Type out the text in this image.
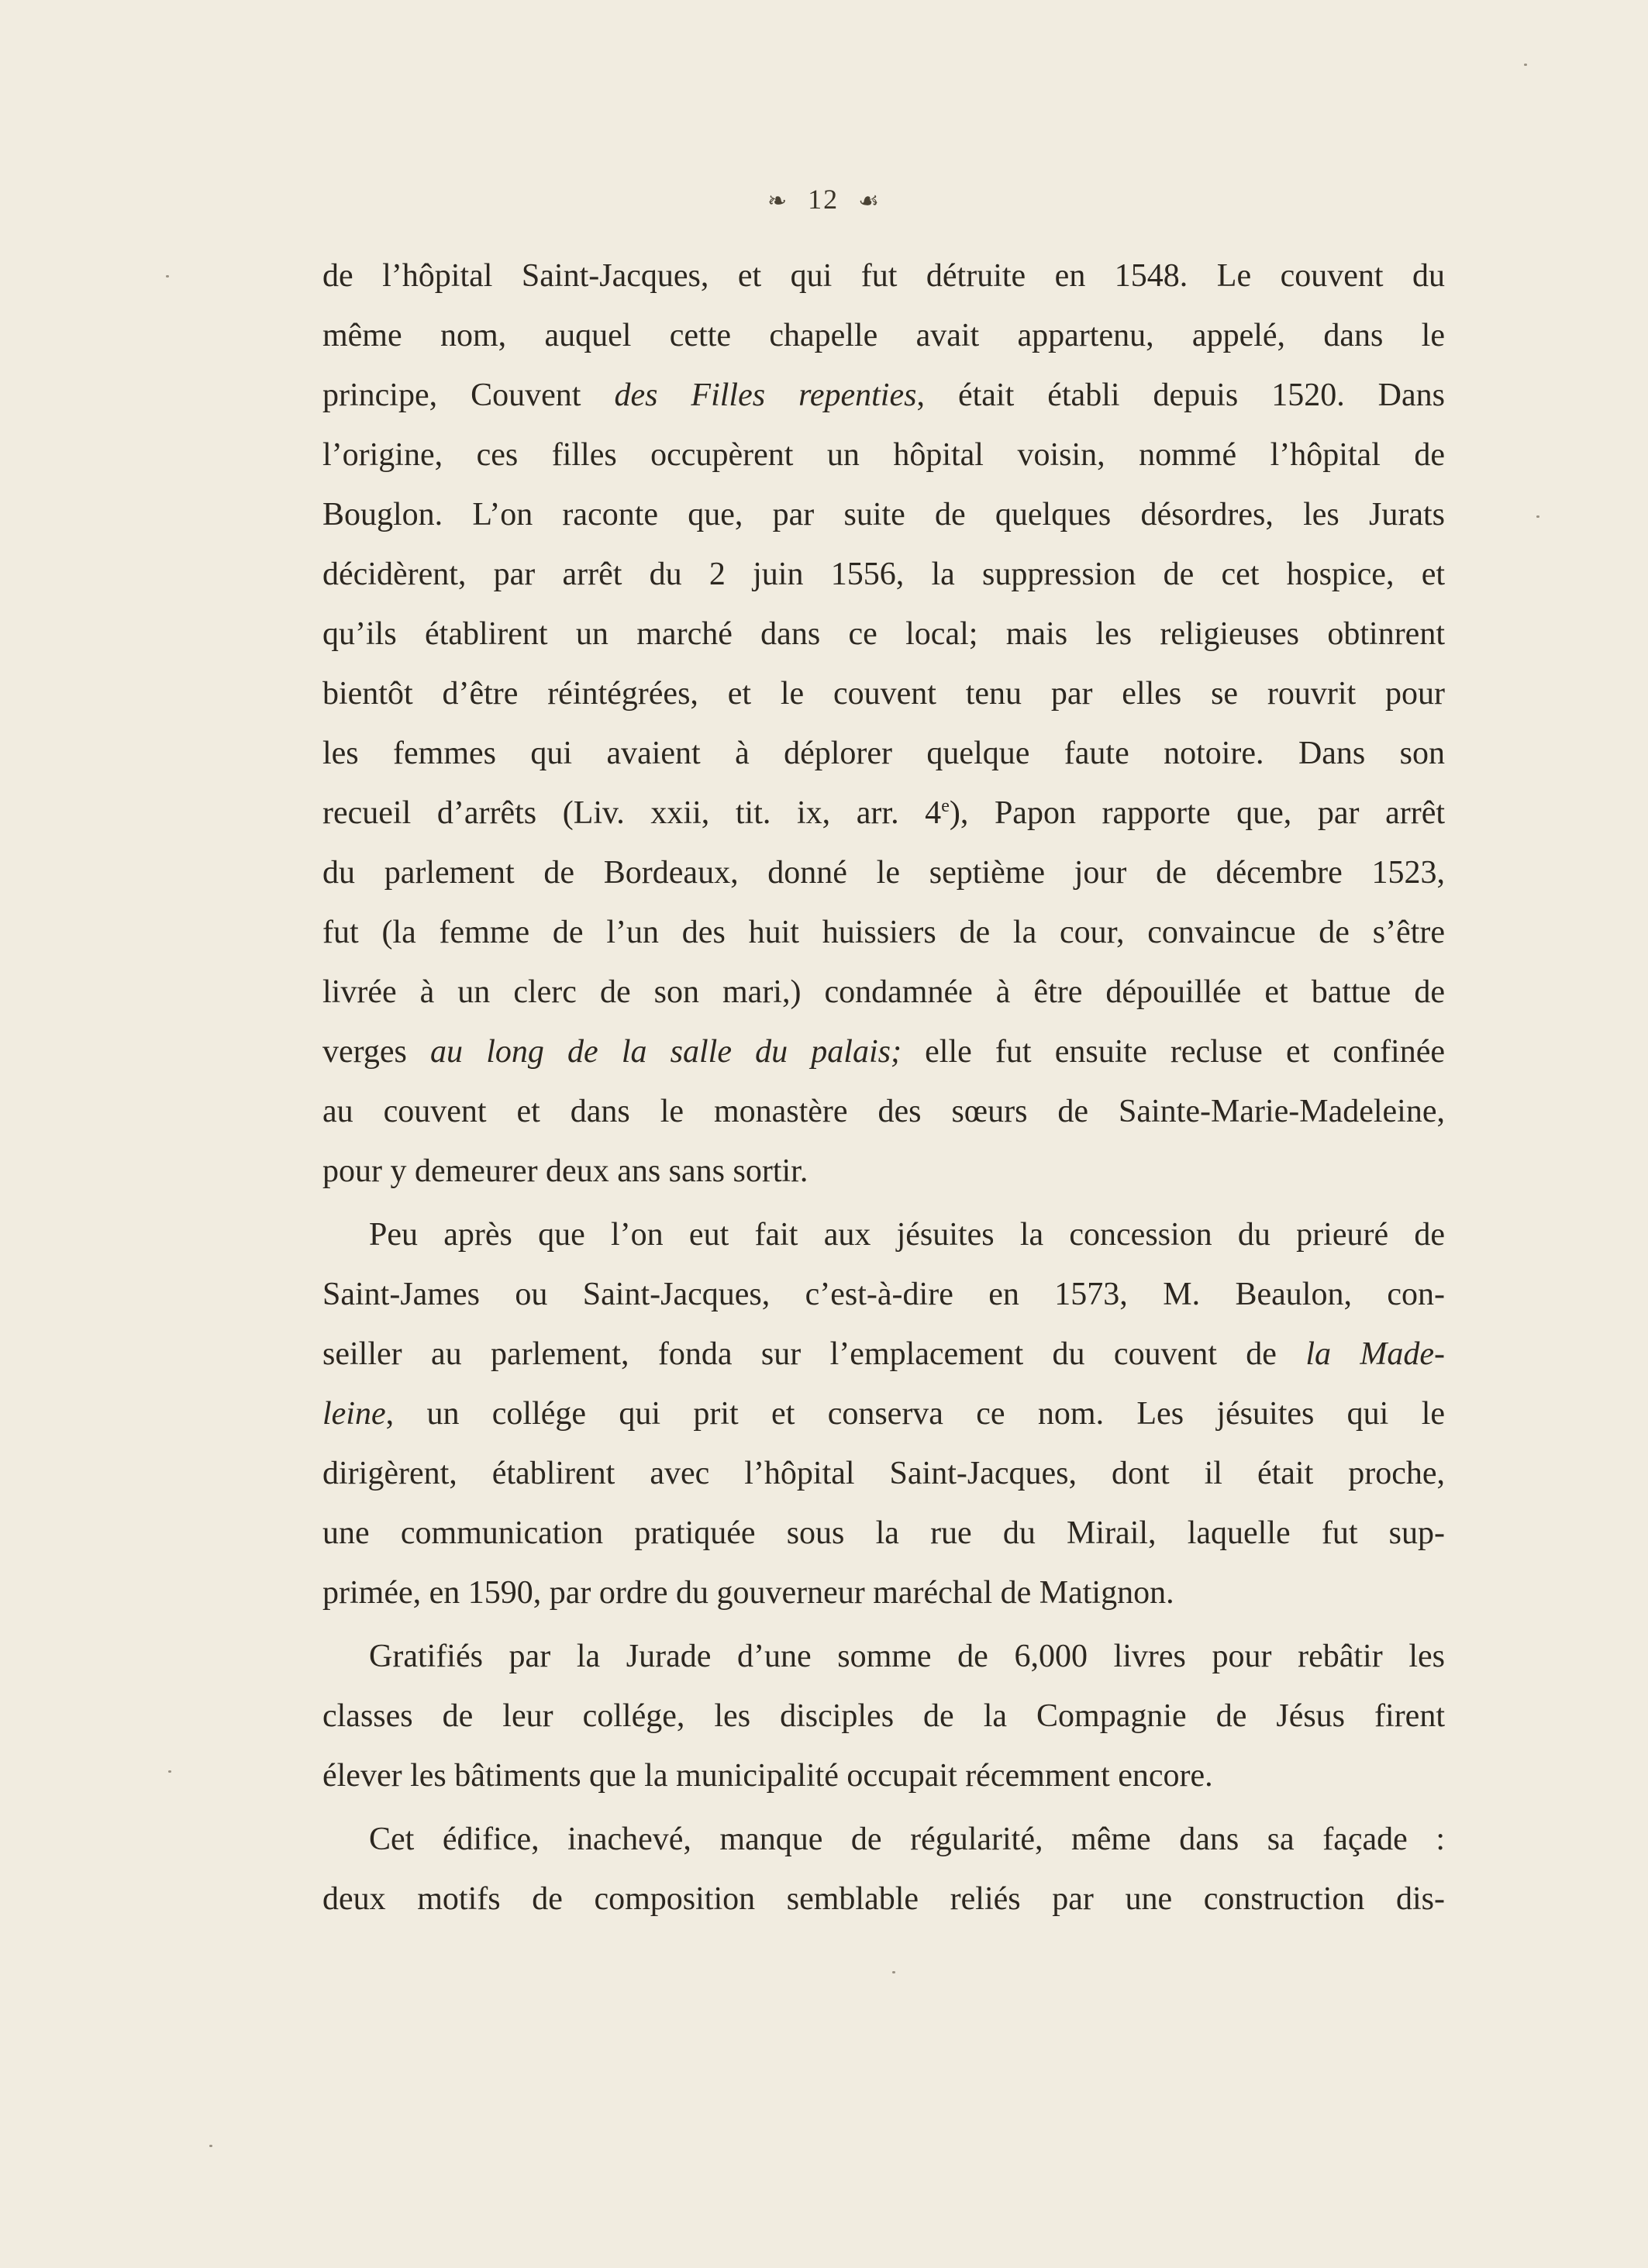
❧ 12 ☙
de l’hôpital Saint-Jacques, et qui fut détruite en 1548. Le couvent du
même nom, auquel cette chapelle avait appartenu, appelé, dans le
principe, Couvent des Filles repenties, était établi depuis 1520. Dans
l’origine, ces filles occupèrent un hôpital voisin, nommé l’hôpital de
Bouglon. L’on raconte que, par suite de quelques désordres, les Jurats
décidèrent, par arrêt du 2 juin 1556, la suppression de cet hospice, et
qu’ils établirent un marché dans ce local; mais les religieuses obtinrent
bientôt d’être réintégrées, et le couvent tenu par elles se rouvrit pour
les femmes qui avaient à déplorer quelque faute notoire. Dans son
recueil d’arrêts (Liv. xxii, tit. ix, arr. 4e), Papon rapporte que, par arrêt
du parlement de Bordeaux, donné le septième jour de décembre 1523,
fut (la femme de l’un des huit huissiers de la cour, convaincue de s’être
livrée à un clerc de son mari,) condamnée à être dépouillée et battue de
verges au long de la salle du palais; elle fut ensuite recluse et confinée
au couvent et dans le monastère des sœurs de Sainte-Marie-Madeleine,
pour y demeurer deux ans sans sortir.
Peu après que l’on eut fait aux jésuites la concession du prieuré de
Saint-James ou Saint-Jacques, c’est-à-dire en 1573, M. Beaulon, con-
seiller au parlement, fonda sur l’emplacement du couvent de la Made-
leine, un collége qui prit et conserva ce nom. Les jésuites qui le
dirigèrent, établirent avec l’hôpital Saint-Jacques, dont il était proche,
une communication pratiquée sous la rue du Mirail, laquelle fut sup-
primée, en 1590, par ordre du gouverneur maréchal de Matignon.
Gratifiés par la Jurade d’une somme de 6,000 livres pour rebâtir les
classes de leur collége, les disciples de la Compagnie de Jésus firent
élever les bâtiments que la municipalité occupait récemment encore.
Cet édifice, inachevé, manque de régularité, même dans sa façade :
deux motifs de composition semblable reliés par une construction dis-
